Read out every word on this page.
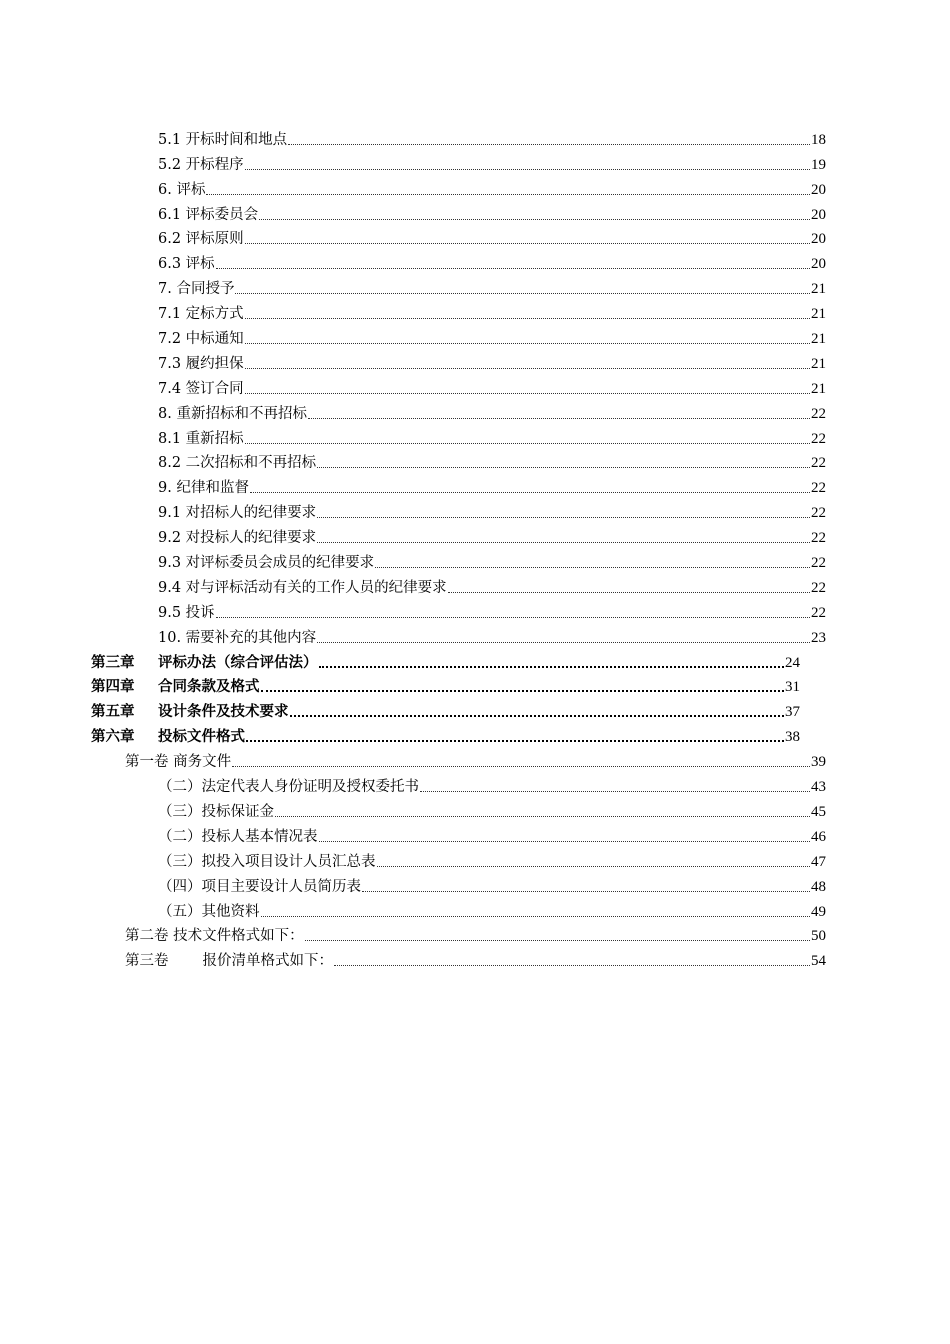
5.1 开标时间和地点	18
5.2 开标程序	19
6. 评标	20
6.1 评标委员会	20
6.2 评标原则	20
6.3 评标	20
7. 合同授予	21
7.1 定标方式	21
7.2 中标通知	21
7.3 履约担保	21
7.4 签订合同	21
8. 重新招标和不再招标	22
8.1 重新招标	22
8.2 二次招标和不再招标	22
9. 纪律和监督	22
9.1 对招标人的纪律要求	22
9.2 对投标人的纪律要求	22
9.3 对评标委员会成员的纪律要求	22
9.4 对与评标活动有关的工作人员的纪律要求	22
9.5 投诉	22
10. 需要补充的其他内容	23
第三章 评标办法（综合评估法）	24
第四章 合同条款及格式	31
第五章 设计条件及技术要求	37
第六章 投标文件格式	38
第一卷 商务文件	39
（二）法定代表人身份证明及授权委托书	43
（三）投标保证金	45
（二）投标人基本情况表	46
（三）拟投入项目设计人员汇总表	47
（四）项目主要设计人员简历表	48
（五）其他资料	49
第二卷 技术文件格式如下：	50
第三卷 报价清单格式如下：	54
